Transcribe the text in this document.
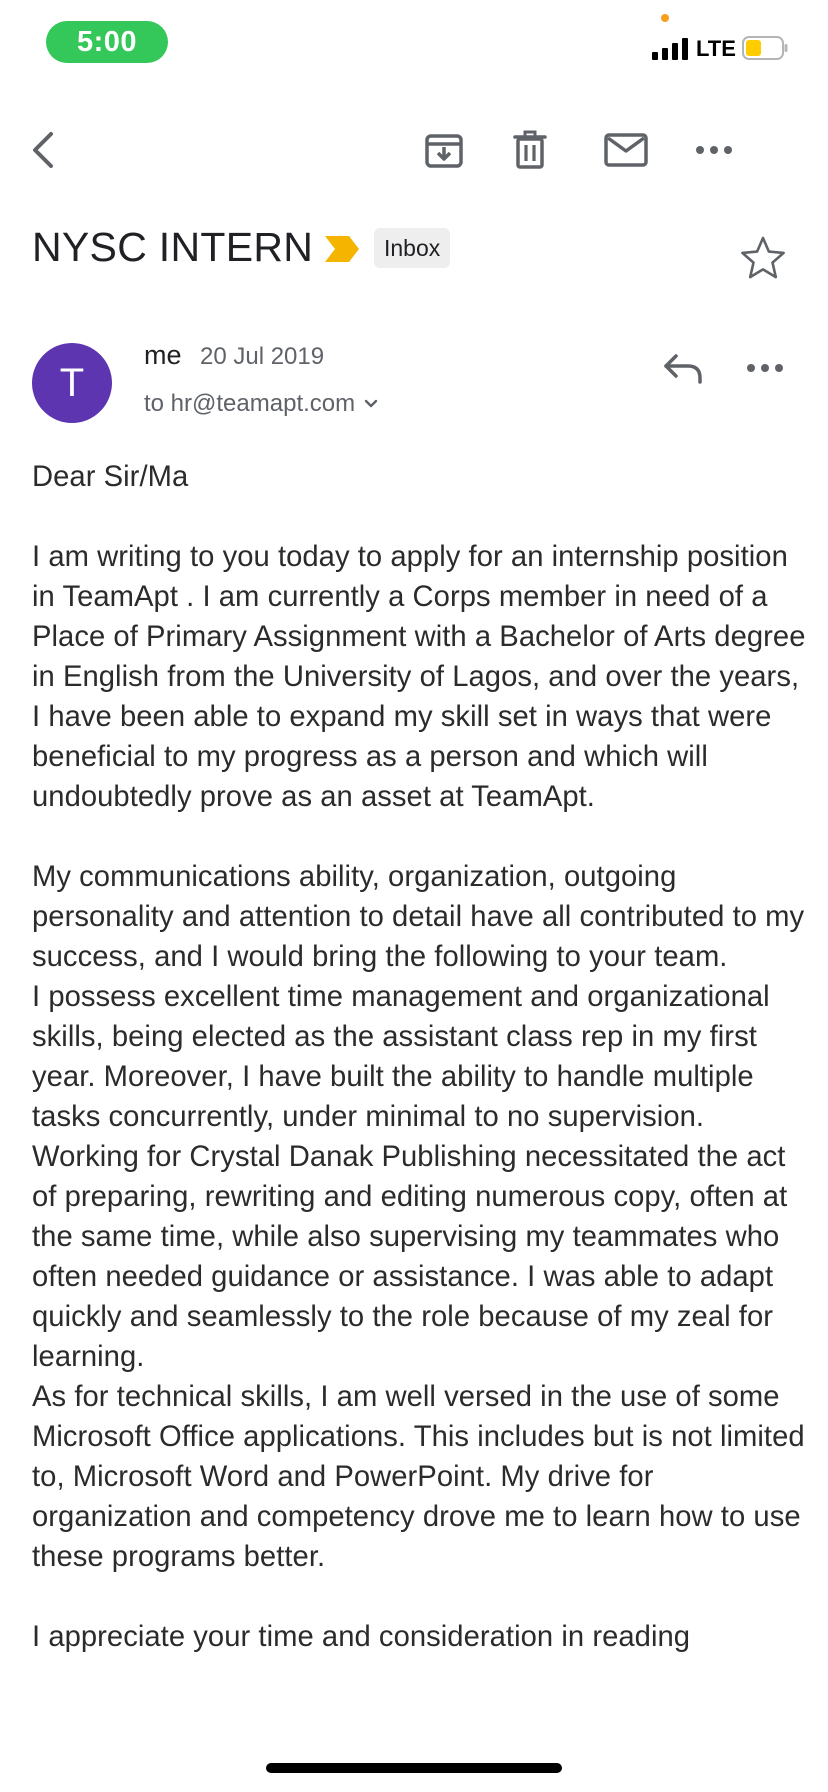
5:00	LTE
NYSC INTERN	Inbox
T
me 20 Jul 2019
to hr@teamapt.com

Dear Sir/Ma

I am writing to you today to apply for an internship position in TeamApt . I am currently a Corps member in need of a Place of Primary Assignment with a Bachelor of Arts degree in English from the University of Lagos, and over the years, I have been able to expand my skill set in ways that were beneficial to my progress as a person and which will undoubtedly prove as an asset at TeamApt.

My communications ability, organization, outgoing personality and attention to detail have all contributed to my success, and I would bring the following to your team.

I possess excellent time management and organizational skills, being elected as the assistant class rep in my first year. Moreover, I have built the ability to handle multiple tasks concurrently, under minimal to no supervision. Working for Crystal Danak Publishing necessitated the act of preparing, rewriting and editing numerous copy, often at the same time, while also supervising my teammates who often needed guidance or assistance. I was able to adapt quickly and seamlessly to the role because of my zeal for learning.

As for technical skills, I am well versed in the use of some Microsoft Office applications. This includes but is not limited to, Microsoft Word and PowerPoint. My drive for organization and competency drove me to learn how to use these programs better.

I appreciate your time and consideration in reading
